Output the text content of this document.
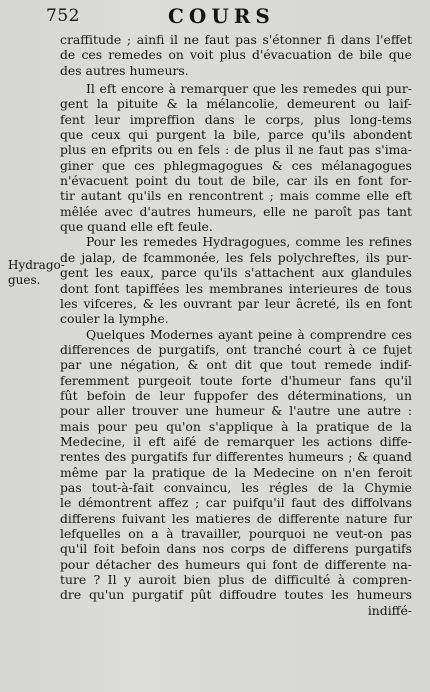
752	COURS
Hydrago-
gues.
craffitude ; ainfi il ne faut pas s'étonner fi dans l'effet
de ces remedes on voit plus d'évacuation de bile que
des autres humeurs.
Il eft encore à remarquer que les remedes qui pur-
gent la pituite & la mélancolie, demeurent ou laif-
fent leur impreffion dans le corps, plus long-tems
que ceux qui purgent la bile, parce qu'ils abondent
plus en efprits ou en fels : de plus il ne faut pas s'ima-
giner que ces phlegmagogues & ces mélanagogues
n'évacuent point du tout de bile, car ils en font for-
tir autant qu'ils en rencontrent ; mais comme elle eft
mêlée avec d'autres humeurs, elle ne paroît pas tant
que quand elle eft feule.
Pour les remedes Hydragogues, comme les refines
de jalap, de fcammonée, les fels polychreftes, ils pur-
gent les eaux, parce qu'ils s'attachent aux glandules
dont font tapiffées les membranes interieures de tous
les vifceres, & les ouvrant par leur âcreté, ils en font
couler la lymphe.
Quelques Modernes ayant peine à comprendre ces
differences de purgatifs, ont tranché court à ce fujet
par une négation, & ont dit que tout remede indif-
feremment purgeoit toute forte d'humeur fans qu'il
fût befoin de leur fuppofer des déterminations, un
pour aller trouver une humeur & l'autre une autre :
mais pour peu qu'on s'applique à la pratique de la
Medecine, il eft aifé de remarquer les actions diffe-
rentes des purgatifs fur differentes humeurs ; & quand
même par la pratique de la Medecine on n'en feroit
pas tout-à-fait convaincu, les régles de la Chymie
le démontrent affez ; car puifqu'il faut des diffolvans
differens fuivant les matieres de differente nature fur
lefquelles on a à travailler, pourquoi ne veut-on pas
qu'il foit befoin dans nos corps de differens purgatifs
pour détacher des humeurs qui font de differente na-
ture ? Il y auroit bien plus de difficulté à compren-
dre qu'un purgatif pût diffoudre toutes les humeurs
indiffé-
